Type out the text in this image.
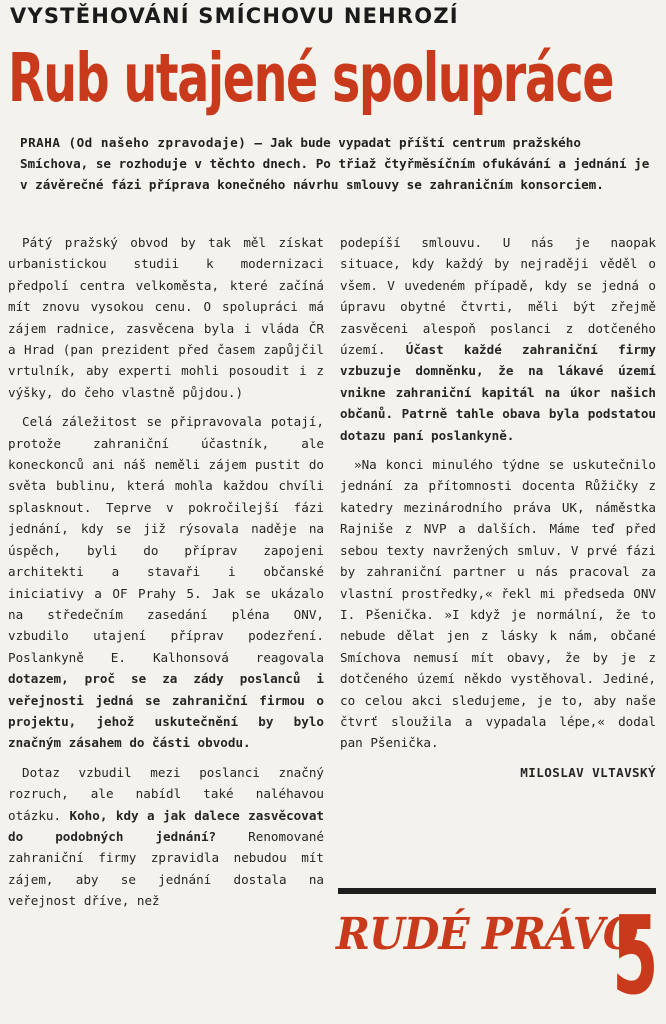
VYSTĚHOVÁNÍ SMÍCHOVU NEHROZÍ
Rub utajené spolupráce
PRAHA (Od našeho zpravodaje) — Jak bude vypadat příští centrum pražského Smíchova, se rozhoduje v těchto dnech. Po třiaž čtyřměsíčním ofukávání a jednání je v závěrečné fázi příprava konečného návrhu smlouvy se zahraničním konsorciem.

Pátý pražský obvod by tak měl získat urbanistickou studii k modernizaci předpolí centra velkoměsta, které začíná mít znovu vysokou cenu. O spolupráci má zájem radnice, zasvěcena byla i vláda ČR a Hrad (pan prezident před časem zapůjčil vrtulník, aby experti mohli posoudit i z výšky, do čeho vlastně půjdou.)

Celá záležitost se připravovala potají, protože zahraniční účastník, ale koneckonců ani náš neměli zájem pustit do světa bublinu, která mohla každou chvíli splasknout. Teprve v pokročilejší fázi jednání, kdy se již rýsovala naděje na úspěch, byli do příprav zapojeni architekti a stavaři i občanské iniciativy a OF Prahy 5. Jak se ukázalo na středečním zasedání pléna ONV, vzbudilo utajení příprav podezření. Poslankyně E. Kalhonsová reagovala dotazem, proč se za zády poslanců i veřejnosti jedná se zahraniční firmou o projektu, jehož uskutečnění by bylo značným zásahem do části obvodu.

Dotaz vzbudil mezi poslanci značný rozruch, ale nabídl také naléhavou otázku. Koho, kdy a jak dalece zasvěcovat do podobných jednání?	Renomované zahraniční firmy zpravidla nebudou mít zájem, aby se jednání dostala na veřejnost dříve, než

podepíší smlouvu. U nás je naopak situace, kdy každý by nejraději věděl o všem. V uvedeném případě, kdy se jedná o úpravu obytné čtvrti, měli být zřejmě zasvěceni alespoň poslanci z dotčeného území. Účast každé zahraniční firmy vzbuzuje domněnku, že na lákavé území vnikne zahraniční kapitál na úkor našich občanů. Patrně tahle obava byla podstatou dotazu paní poslankyně.

»Na konci minulého týdne se uskutečnilo jednání za přítomnosti docenta Růžičky z katedry mezinárodního práva UK, náměstka Rajniše z NVP a dalších. Máme teď před sebou texty navržených smluv. V prvé fázi by zahraniční partner u nás pracoval za vlastní prostředky,« řekl mi předseda ONV I. Pšenička. »I když je normální, že to nebude dělat jen z lásky k nám, občané Smíchova nemusí mít obavy, že by je z dotčeného území někdo vystěhoval. Jediné, co celou akci sledujeme, je to, aby naše čtvrť sloužila a vypadala lépe,« dodal pan Pšenička.

MILOSLAV VLTAVSKÝ
RUDÉ PRÁVO
5
